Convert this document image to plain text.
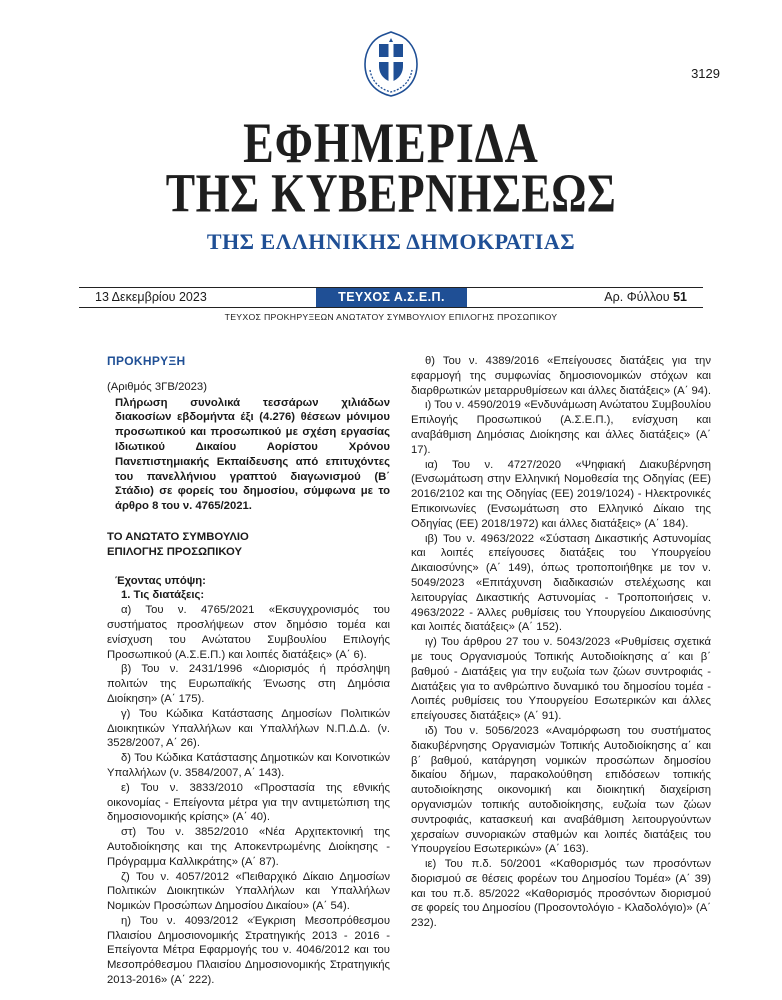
3129
ΕΦΗΜΕΡΙΔΑ
ΤΗΣ ΚΥΒΕΡΝΗΣΕΩΣ
ΤΗΣ ΕΛΛΗΝΙΚΗΣ ΔΗΜΟΚΡΑΤΙΑΣ
13 Δεκεμβρίου 2023	ΤΕΥΧΟΣ Α.Σ.Ε.Π.	Αρ. Φύλλου 51
ΤΕΥΧΟΣ ΠΡΟΚΗΡΥΞΕΩΝ ΑΝΩΤΑΤΟΥ ΣΥΜΒΟΥΛΙΟΥ ΕΠΙΛΟΓΗΣ ΠΡΟΣΩΠΙΚΟΥ

ΠΡΟΚΗΡΥΞΗ

(Αριθμός 3ΓΒ/2023)

Πλήρωση συνολικά τεσσάρων χιλιάδων διακοσίων εβδομήντα έξι (4.276) θέσεων μόνιμου προσωπικού και προσωπικού με σχέση εργασίας Ιδιωτικού Δικαίου Αορίστου Χρόνου Πανεπιστημιακής Εκπαίδευσης από επιτυχόντες του πανελλήνιου γραπτού διαγωνισμού (Β΄ Στάδιο) σε φορείς του δημοσίου, σύμφωνα με το άρθρο 8 του ν. 4765/2021.

ΤΟ ΑΝΩΤΑΤΟ ΣΥΜΒΟΥΛΙΟ

ΕΠΙΛΟΓΗΣ ΠΡΟΣΩΠΙΚΟΥ

Έχοντας υπόψη:

1. Τις διατάξεις:

α) Του ν. 4765/2021 «Εκσυγχρονισμός του συστήματος προσλήψεων στον δημόσιο τομέα και ενίσχυση του Ανώτατου Συμβουλίου Επιλογής Προσωπικού (Α.Σ.Ε.Π.) και λοιπές διατάξεις» (Α΄ 6).

β) Του ν. 2431/1996 «Διορισμός ή πρόσληψη πολιτών της Ευρωπαϊκής Ένωσης στη Δημόσια Διοίκηση» (Α΄ 175).

γ) Του Κώδικα Κατάστασης Δημοσίων Πολιτικών Διοικητικών Υπαλλήλων και Υπαλλήλων Ν.Π.Δ.Δ. (ν. 3528/2007, Α΄ 26).

δ) Του Κώδικα Κατάστασης Δημοτικών και Κοινοτικών Υπαλλήλων (ν. 3584/2007, Α΄ 143).

ε) Του ν. 3833/2010 «Προστασία της εθνικής οικονομίας - Επείγοντα μέτρα για την αντιμετώπιση της δημοσιονομικής κρίσης» (Α΄ 40).

στ) Του ν. 3852/2010 «Νέα Αρχιτεκτονική της Αυτοδιοίκησης και της Αποκεντρωμένης Διοίκησης - Πρόγραμμα Καλλικράτης» (Α΄ 87).

ζ) Του ν. 4057/2012 «Πειθαρχικό Δίκαιο Δημοσίων Πολιτικών Διοικητικών Υπαλλήλων και Υπαλλήλων Νομικών Προσώπων Δημοσίου Δικαίου» (Α΄ 54).

η) Του ν. 4093/2012 «Έγκριση Μεσοπρόθεσμου Πλαισίου Δημοσιονομικής Στρατηγικής 2013 - 2016 - Επείγοντα Μέτρα Εφαρμογής του ν. 4046/2012 και του Μεσοπρόθεσμου Πλαισίου Δημοσιονομικής Στρατηγικής 2013-2016» (Α΄ 222).

θ) Του ν. 4389/2016 «Επείγουσες διατάξεις για την εφαρμογή της συμφωνίας δημοσιονομικών στόχων και διαρθρωτικών μεταρρυθμίσεων και άλλες διατάξεις» (Α΄ 94).

ι) Του ν. 4590/2019 «Ενδυνάμωση Ανώτατου Συμβουλίου Επιλογής Προσωπικού (Α.Σ.Ε.Π.), ενίσχυση και αναβάθμιση Δημόσιας Διοίκησης και άλλες διατάξεις» (Α΄ 17).

ια) Του ν. 4727/2020 «Ψηφιακή Διακυβέρνηση (Ενσωμάτωση στην Ελληνική Νομοθεσία της Οδηγίας (ΕΕ) 2016/2102 και της Οδηγίας (ΕΕ) 2019/1024) - Ηλεκτρονικές Επικοινωνίες (Ενσωμάτωση στο Ελληνικό Δίκαιο της Οδηγίας (ΕΕ) 2018/1972) και άλλες διατάξεις» (Α΄ 184).

ιβ) Του ν. 4963/2022 «Σύσταση Δικαστικής Αστυνομίας και λοιπές επείγουσες διατάξεις του Υπουργείου Δικαιοσύνης» (Α΄ 149), όπως τροποποιήθηκε με τον ν. 5049/2023 «Επιτάχυνση διαδικασιών στελέχωσης και λειτουργίας Δικαστικής Αστυνομίας - Τροποποιήσεις ν. 4963/2022 - Άλλες ρυθμίσεις του Υπουργείου Δικαιοσύνης και λοιπές διατάξεις» (Α΄ 152).

ιγ) Του άρθρου 27 του ν. 5043/2023 «Ρυθμίσεις σχετικά με τους Οργανισμούς Τοπικής Αυτοδιοίκησης α΄ και β΄ βαθμού - Διατάξεις για την ευζωία των ζώων συντροφιάς - Διατάξεις για το ανθρώπινο δυναμικό του δημοσίου τομέα - Λοιπές ρυθμίσεις του Υπουργείου Εσωτερικών και άλλες επείγουσες διατάξεις» (Α΄ 91).

ιδ) Του ν. 5056/2023 «Αναμόρφωση του συστήματος διακυβέρνησης Οργανισμών Τοπικής Αυτοδιοίκησης α΄ και β΄ βαθμού, κατάργηση νομικών προσώπων δημοσίου δικαίου δήμων, παρακολούθηση επιδόσεων τοπικής αυτοδιοίκησης οικονομική και διοικητική διαχείριση οργανισμών τοπικής αυτοδιοίκησης, ευζωία των ζώων συντροφιάς, κατασκευή και αναβάθμιση λειτουργούντων χερσαίων συνοριακών σταθμών και λοιπές διατάξεις του Υπουργείου Εσωτερικών» (Α΄ 163).

ιε) Του π.δ. 50/2001 «Καθορισμός των προσόντων διορισμού σε θέσεις φορέων του Δημοσίου Τομέα» (Α΄ 39) και του π.δ. 85/2022 «Καθορισμός προσόντων διορισμού σε φορείς του Δημοσίου (Προσοντολόγιο - Κλαδολόγιο)» (Α΄ 232).
